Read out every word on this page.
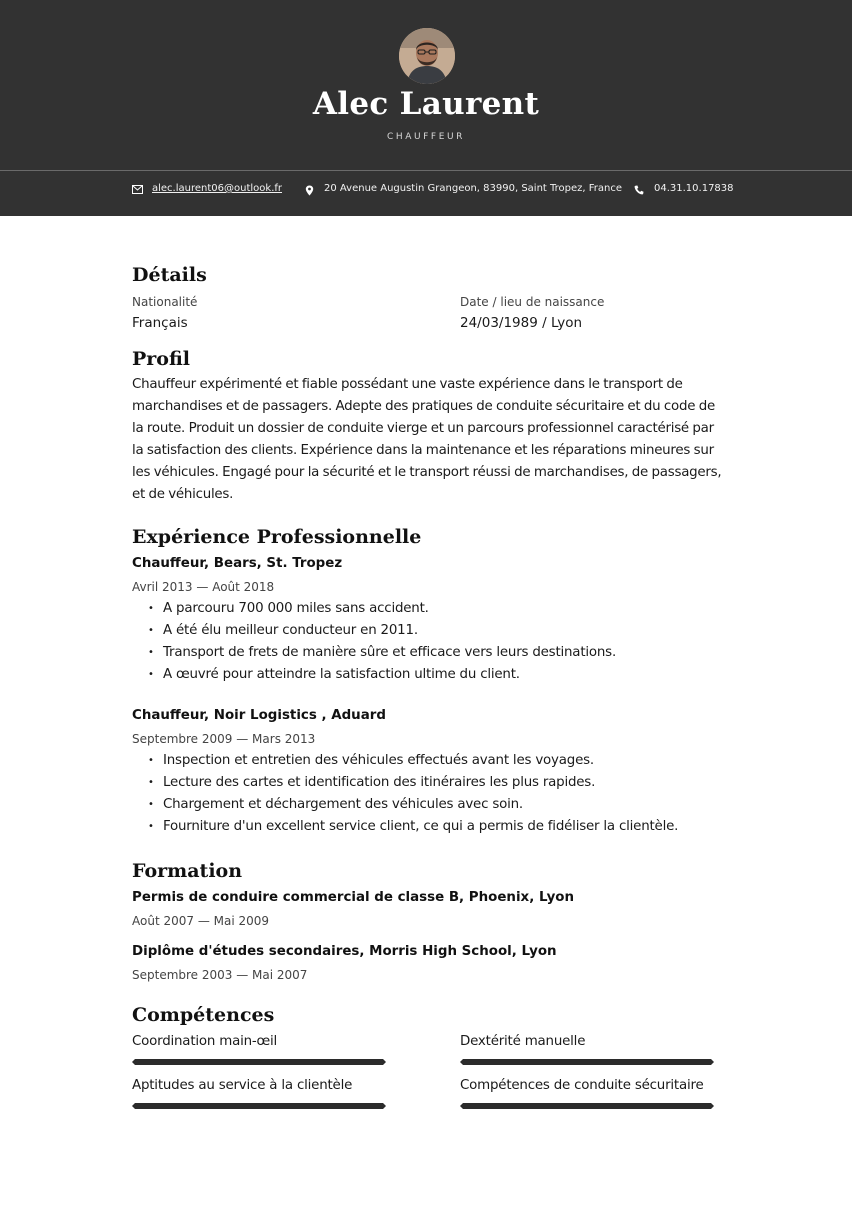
Alec Laurent
CHAUFFEUR
alec.laurent06@outlook.fr	20 Avenue Augustin Grangeon, 83990, Saint Tropez, France	04.31.10.17838
Détails
Nationalité
Français
Date / lieu de naissance
24/03/1989 / Lyon
Profil

Chauffeur expérimenté et fiable possédant une vaste expérience dans le transport de marchandises et de passagers. Adepte des pratiques de conduite sécuritaire et du code de la route. Produit un dossier de conduite vierge et un parcours professionnel caractérisé par la satisfaction des clients. Expérience dans la maintenance et les réparations mineures sur les véhicules. Engagé pour la sécurité et le transport réussi de marchandises, de passagers, et de véhicules.

Expérience Professionnelle
Chauffeur, Bears, St. Tropez
Avril 2013 — Août 2018
• A parcouru 700 000 miles sans accident.
• A été élu meilleur conducteur en 2011.
• Transport de frets de manière sûre et efficace vers leurs destinations.
• A œuvré pour atteindre la satisfaction ultime du client.
Chauffeur, Noir Logistics , Aduard
Septembre 2009 — Mars 2013
• Inspection et entretien des véhicules effectués avant les voyages.
• Lecture des cartes et identification des itinéraires les plus rapides.
• Chargement et déchargement des véhicules avec soin.
• Fourniture d'un excellent service client, ce qui a permis de fidéliser la clientèle.
Formation
Permis de conduire commercial de classe B, Phoenix, Lyon
Août 2007 — Mai 2009
Diplôme d'études secondaires, Morris High School, Lyon
Septembre 2003 — Mai 2007
Compétences
Coordination main-œil	Dextérité manuelle
Aptitudes au service à la clientèle	Compétences de conduite sécuritaire
